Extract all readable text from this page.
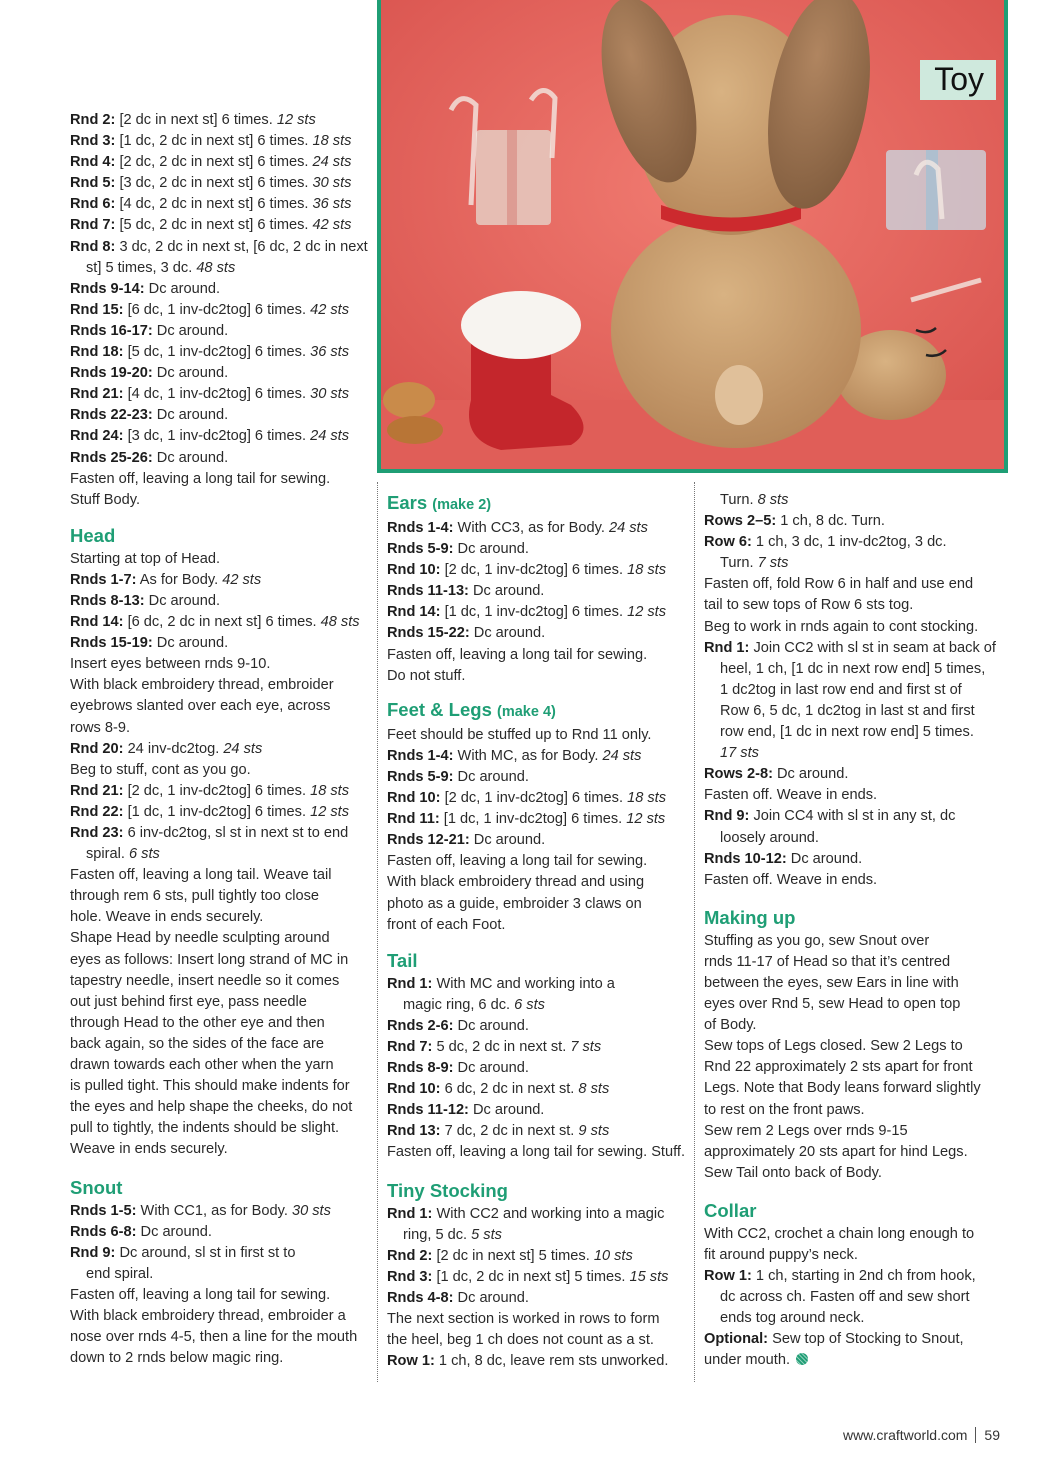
Toy
Rnd 2: [2 dc in next st] 6 times. 12 sts
Rnd 3: [1 dc, 2 dc in next st] 6 times. 18 sts
Rnd 4: [2 dc, 2 dc in next st] 6 times. 24 sts
Rnd 5: [3 dc, 2 dc in next st] 6 times. 30 sts
Rnd 6: [4 dc, 2 dc in next st] 6 times. 36 sts
Rnd 7: [5 dc, 2 dc in next st] 6 times. 42 sts
Rnd 8: 3 dc, 2 dc in next st, [6 dc, 2 dc in next
st] 5 times, 3 dc. 48 sts
Rnds 9-14: Dc around.
Rnd 15: [6 dc, 1 inv-dc2tog] 6 times. 42 sts
Rnds 16-17: Dc around.
Rnd 18: [5 dc, 1 inv-dc2tog] 6 times. 36 sts
Rnds 19-20: Dc around.
Rnd 21: [4 dc, 1 inv-dc2tog] 6 times. 30 sts
Rnds 22-23: Dc around.
Rnd 24: [3 dc, 1 inv-dc2tog] 6 times. 24 sts
Rnds 25-26: Dc around.
Fasten off, leaving a long tail for sewing.
Stuff Body.
Head
Starting at top of Head.
Rnds 1-7: As for Body. 42 sts
Rnds 8-13: Dc around.
Rnd 14: [6 dc, 2 dc in next st] 6 times. 48 sts
Rnds 15-19: Dc around.
Insert eyes between rnds 9-10.
With black embroidery thread, embroider
eyebrows slanted over each eye, across
rows 8-9.
Rnd 20: 24 inv-dc2tog. 24 sts
Beg to stuff, cont as you go.
Rnd 21: [2 dc, 1 inv-dc2tog] 6 times. 18 sts
Rnd 22: [1 dc, 1 inv-dc2tog] 6 times. 12 sts
Rnd 23: 6 inv-dc2tog, sl st in next st to end
spiral. 6 sts
Fasten off, leaving a long tail. Weave tail
through rem 6 sts, pull tightly too close
hole. Weave in ends securely.
Shape Head by needle sculpting around
eyes as follows: Insert long strand of MC in
tapestry needle, insert needle so it comes
out just behind first eye, pass needle
through Head to the other eye and then
back again, so the sides of the face are
drawn towards each other when the yarn
is pulled tight. This should make indents for
the eyes and help shape the cheeks, do not
pull to tightly, the indents should be slight.
Weave in ends securely.
Snout
Rnds 1-5: With CC1, as for Body. 30 sts
Rnds 6-8: Dc around.
Rnd 9: Dc around, sl st in first st to
end spiral.
Fasten off, leaving a long tail for sewing.
With black embroidery thread, embroider a
nose over rnds 4-5, then a line for the mouth
down to 2 rnds below magic ring.
Ears (make 2)
Rnds 1-4: With CC3, as for Body. 24 sts
Rnds 5-9: Dc around.
Rnd 10: [2 dc, 1 inv-dc2tog] 6 times. 18 sts
Rnds 11-13: Dc around.
Rnd 14: [1 dc, 1 inv-dc2tog] 6 times. 12 sts
Rnds 15-22: Dc around.
Fasten off, leaving a long tail for sewing.
Do not stuff.
Feet & Legs (make 4)
Feet should be stuffed up to Rnd 11 only.
Rnds 1-4: With MC, as for Body. 24 sts
Rnds 5-9: Dc around.
Rnd 10: [2 dc, 1 inv-dc2tog] 6 times. 18 sts
Rnd 11: [1 dc, 1 inv-dc2tog] 6 times. 12 sts
Rnds 12-21: Dc around.
Fasten off, leaving a long tail for sewing.
With black embroidery thread and using
photo as a guide, embroider 3 claws on
front of each Foot.
Tail
Rnd 1: With MC and working into a
magic ring, 6 dc. 6 sts
Rnds 2-6: Dc around.
Rnd 7: 5 dc, 2 dc in next st. 7 sts
Rnds 8-9: Dc around.
Rnd 10: 6 dc, 2 dc in next st. 8 sts
Rnds 11-12: Dc around.
Rnd 13: 7 dc, 2 dc in next st. 9 sts
Fasten off, leaving a long tail for sewing. Stuff.
Tiny Stocking
Rnd 1: With CC2 and working into a magic
ring, 5 dc. 5 sts
Rnd 2: [2 dc in next st] 5 times. 10 sts
Rnd 3: [1 dc, 2 dc in next st] 5 times. 15 sts
Rnds 4-8: Dc around.
The next section is worked in rows to form
the heel, beg 1 ch does not count as a st.
Row 1: 1 ch, 8 dc, leave rem sts unworked.
Turn. 8 sts
Rows 2–5: 1 ch, 8 dc. Turn.
Row 6: 1 ch, 3 dc, 1 inv-dc2tog, 3 dc.
Turn. 7 sts
Fasten off, fold Row 6 in half and use end
tail to sew tops of Row 6 sts tog.
Beg to work in rnds again to cont stocking.
Rnd 1: Join CC2 with sl st in seam at back of
heel, 1 ch, [1 dc in next row end] 5 times,
1 dc2tog in last row end and first st of
Row 6, 5 dc, 1 dc2tog in last st and first
row end, [1 dc in next row end] 5 times.
17 sts
Rows 2-8: Dc around.
Fasten off. Weave in ends.
Rnd 9: Join CC4 with sl st in any st, dc
loosely around.
Rnds 10-12: Dc around.
Fasten off. Weave in ends.
Making up
Stuffing as you go, sew Snout over
rnds 11-17 of Head so that it’s centred
between the eyes, sew Ears in line with
eyes over Rnd 5, sew Head to open top
of Body.
Sew tops of Legs closed. Sew 2 Legs to
Rnd 22 approximately 2 sts apart for front
Legs. Note that Body leans forward slightly
to rest on the front paws.
Sew rem 2 Legs over rnds 9-15
approximately 20 sts apart for hind Legs.
Sew Tail onto back of Body.
Collar
With CC2, crochet a chain long enough to
fit around puppy’s neck.
Row 1: 1 ch, starting in 2nd ch from hook,
dc across ch. Fasten off and sew short
ends tog around neck.
Optional: Sew top of Stocking to Snout,
under mouth.
www.craftworld.com 59
